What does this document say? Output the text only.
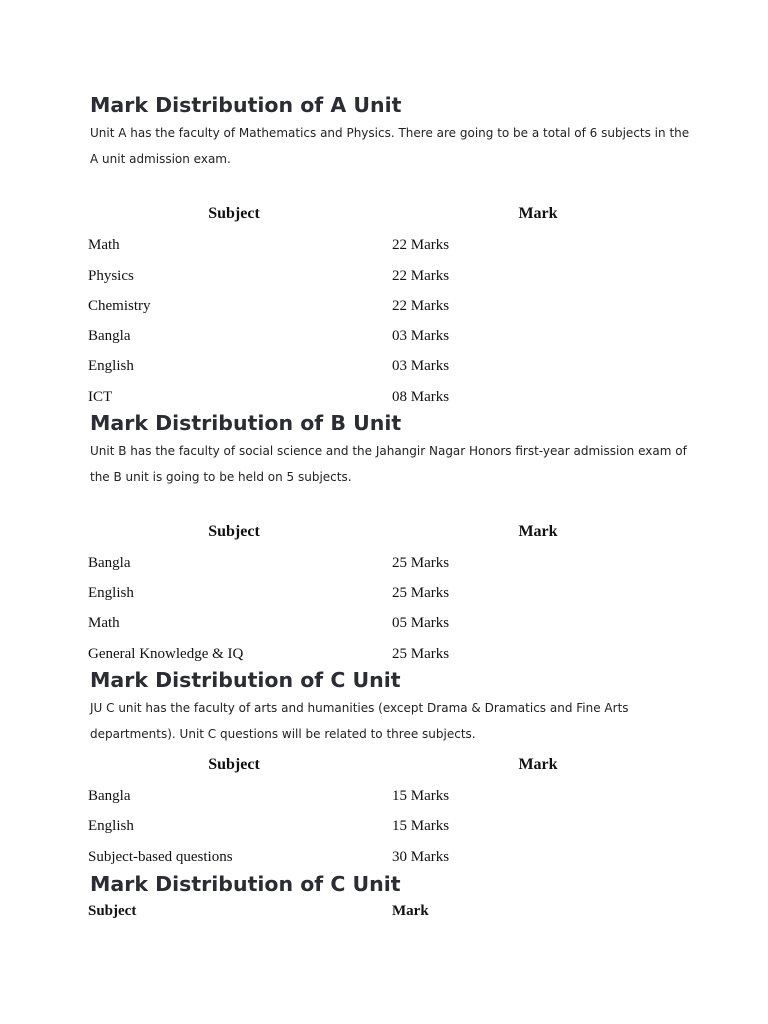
Mark Distribution of A Unit

Unit A has the faculty of Mathematics and Physics. There are going to be a total of 6 subjects in the A unit admission exam.

Subject	Mark
Math	22 Marks
Physics	22 Marks
Chemistry	22 Marks
Bangla	03 Marks
English	03 Marks
ICT	08 Marks
Mark Distribution of B Unit

Unit B has the faculty of social science and the Jahangir Nagar Honors first-year admission exam of the B unit is going to be held on 5 subjects.

Subject	Mark
Bangla	25 Marks
English	25 Marks
Math	05 Marks
General Knowledge & IQ	25 Marks
Mark Distribution of C Unit

JU C unit has the faculty of arts and humanities (except Drama & Dramatics and Fine Arts departments). Unit C questions will be related to three subjects.

Subject	Mark
Bangla	15 Marks
English	15 Marks
Subject-based questions	30 Marks
Mark Distribution of C Unit
Subject	Mark
